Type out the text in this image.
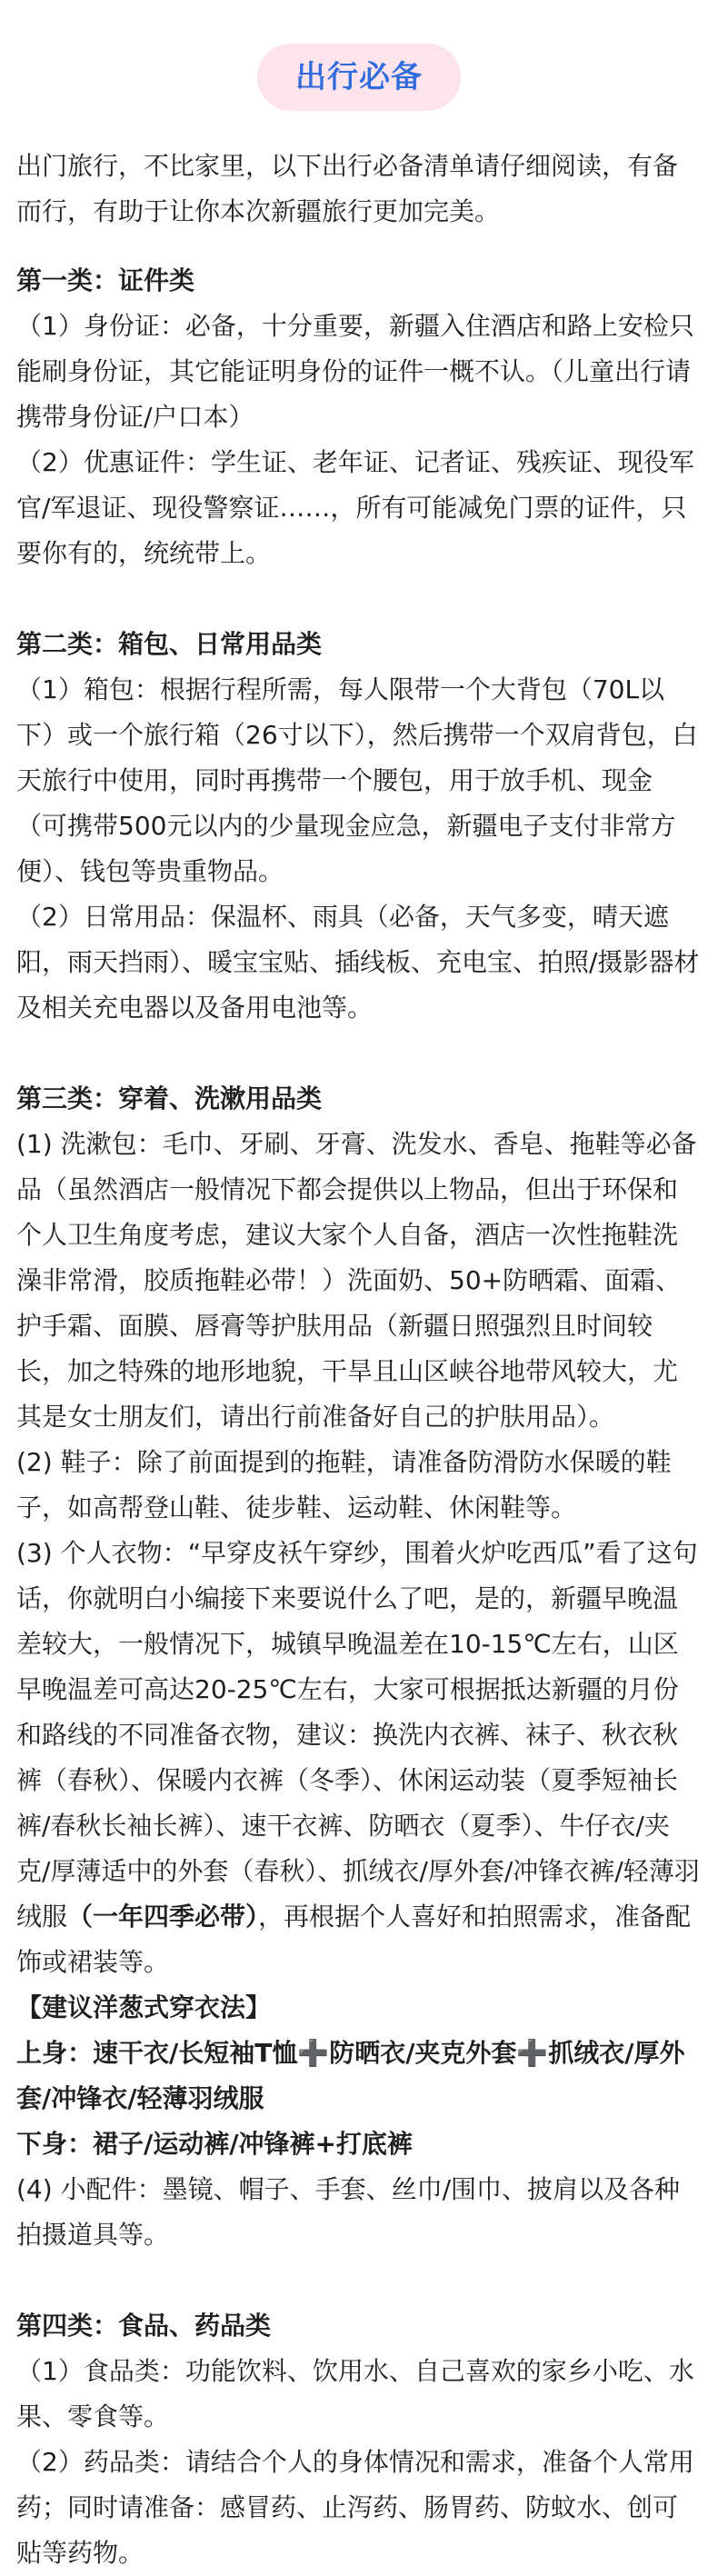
出行必备

出门旅行，不比家里，以下出行必备清单请仔细阅读，有备而行，有助于让你本次新疆旅行更加完美。

第一类：证件类

（1）身份证：必备，十分重要，新疆入住酒店和路上安检只能刷身份证，其它能证明身份的证件一概不认。（儿童出行请携带身份证/户口本）

（2）优惠证件：学生证、老年证、记者证、残疾证、现役军官/军退证、现役警察证……，所有可能减免门票的证件，只要你有的，统统带上。

第二类：箱包、日常用品类

（1）箱包：根据行程所需，每人限带一个大背包（70L以下）或一个旅行箱（26寸以下），然后携带一个双肩背包，白天旅行中使用，同时再携带一个腰包，用于放手机、现金（可携带500元以内的少量现金应急，新疆电子支付非常方便）、钱包等贵重物品。

（2）日常用品：保温杯、雨具（必备，天气多变，晴天遮阳，雨天挡雨）、暖宝宝贴、插线板、充电宝、拍照/摄影器材及相关充电器以及备用电池等。

第三类：穿着、洗漱用品类

(1) 洗漱包：毛巾、牙刷、牙膏、洗发水、香皂、拖鞋等必备品（虽然酒店一般情况下都会提供以上物品，但出于环保和个人卫生角度考虑，建议大家个人自备，酒店一次性拖鞋洗澡非常滑，胶质拖鞋必带！）洗面奶、50+防晒霜、面霜、护手霜、面膜、唇膏等护肤用品（新疆日照强烈且时间较长，加之特殊的地形地貌，干旱且山区峡谷地带风较大，尤其是女士朋友们，请出行前准备好自己的护肤用品）。

(2) 鞋子：除了前面提到的拖鞋，请准备防滑防水保暖的鞋子，如高帮登山鞋、徒步鞋、运动鞋、休闲鞋等。

(3) 个人衣物：“早穿皮袄午穿纱，围着火炉吃西瓜”看了这句话，你就明白小编接下来要说什么了吧，是的，新疆早晚温差较大，一般情况下，城镇早晚温差在10-15℃左右，山区早晚温差可高达20-25℃左右，大家可根据抵达新疆的月份和路线的不同准备衣物，建议：换洗内衣裤、袜子、秋衣秋裤（春秋）、保暖内衣裤（冬季）、休闲运动装（夏季短袖长裤/春秋长袖长裤）、速干衣裤、防晒衣（夏季）、牛仔衣/夹克/厚薄适中的外套（春秋）、抓绒衣/厚外套/冲锋衣裤/轻薄羽绒服（一年四季必带），再根据个人喜好和拍照需求，准备配饰或裙装等。

【建议洋葱式穿衣法】

上身：速干衣/长短袖T恤➕防晒衣/夹克外套➕抓绒衣/厚外套/冲锋衣/轻薄羽绒服

下身：裙子/运动裤/冲锋裤+打底裤

(4) 小配件：墨镜、帽子、手套、丝巾/围巾、披肩以及各种拍摄道具等。

第四类：食品、药品类

（1）食品类：功能饮料、饮用水、自己喜欢的家乡小吃、水果、零食等。

（2）药品类：请结合个人的身体情况和需求，准备个人常用药；同时请准备：感冒药、止泻药、肠胃药、防蚊水、创可贴等药物。
